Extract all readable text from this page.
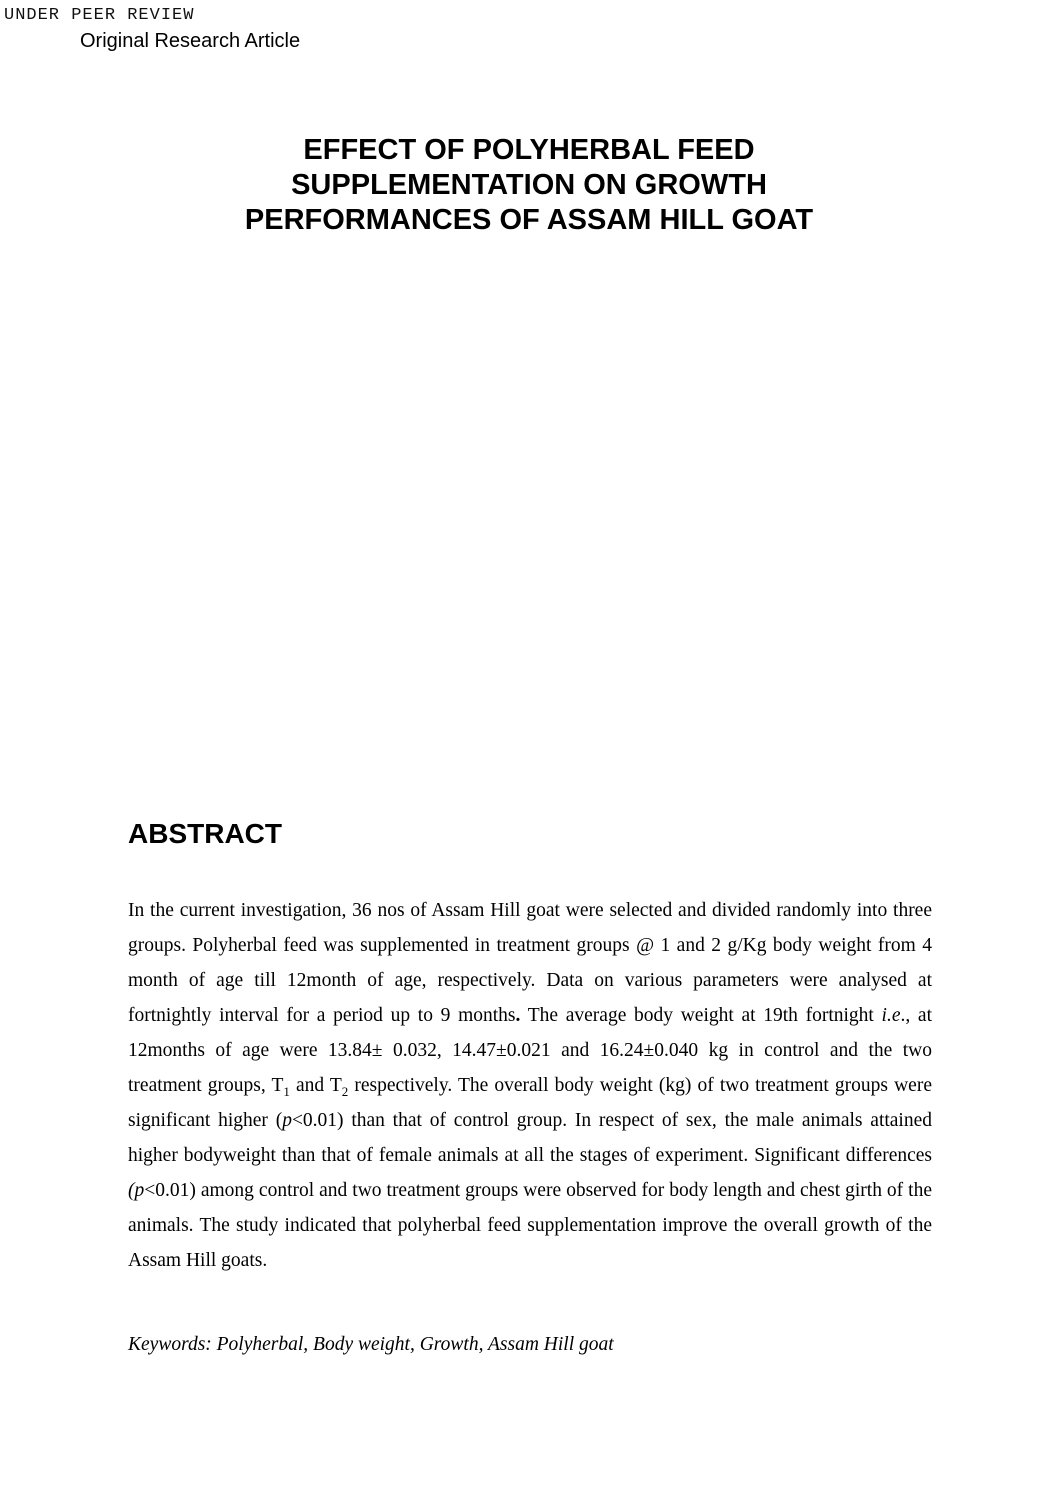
UNDER PEER REVIEW
Original Research Article
EFFECT OF POLYHERBAL FEED
SUPPLEMENTATION ON GROWTH
PERFORMANCES OF ASSAM HILL GOAT
ABSTRACT

In the current investigation, 36 nos of Assam Hill goat were selected and divided randomly into three groups. Polyherbal feed was supplemented in treatment groups @ 1 and 2 g/Kg body weight from 4 month of age till 12month of age, respectively. Data on various parameters were analysed at fortnightly interval for a period up to 9 months. The average body weight at 19th fortnight i.e., at 12months of age were 13.84± 0.032, 14.47±0.021 and 16.24±0.040 kg in control and the two treatment groups, $T_1$ and $T_2$ respectively. The overall body weight (kg) of two treatment groups were significant higher (p<0.01) than that of control group. In respect of sex, the male animals attained higher bodyweight than that of female animals at all the stages of experiment. Significant differences (p<0.01) among control and two treatment groups were observed for body length and chest girth of the animals. The study indicated that polyherbal feed supplementation improve the overall growth of the Assam Hill goats.

Keywords: Polyherbal, Body weight, Growth, Assam Hill goat
